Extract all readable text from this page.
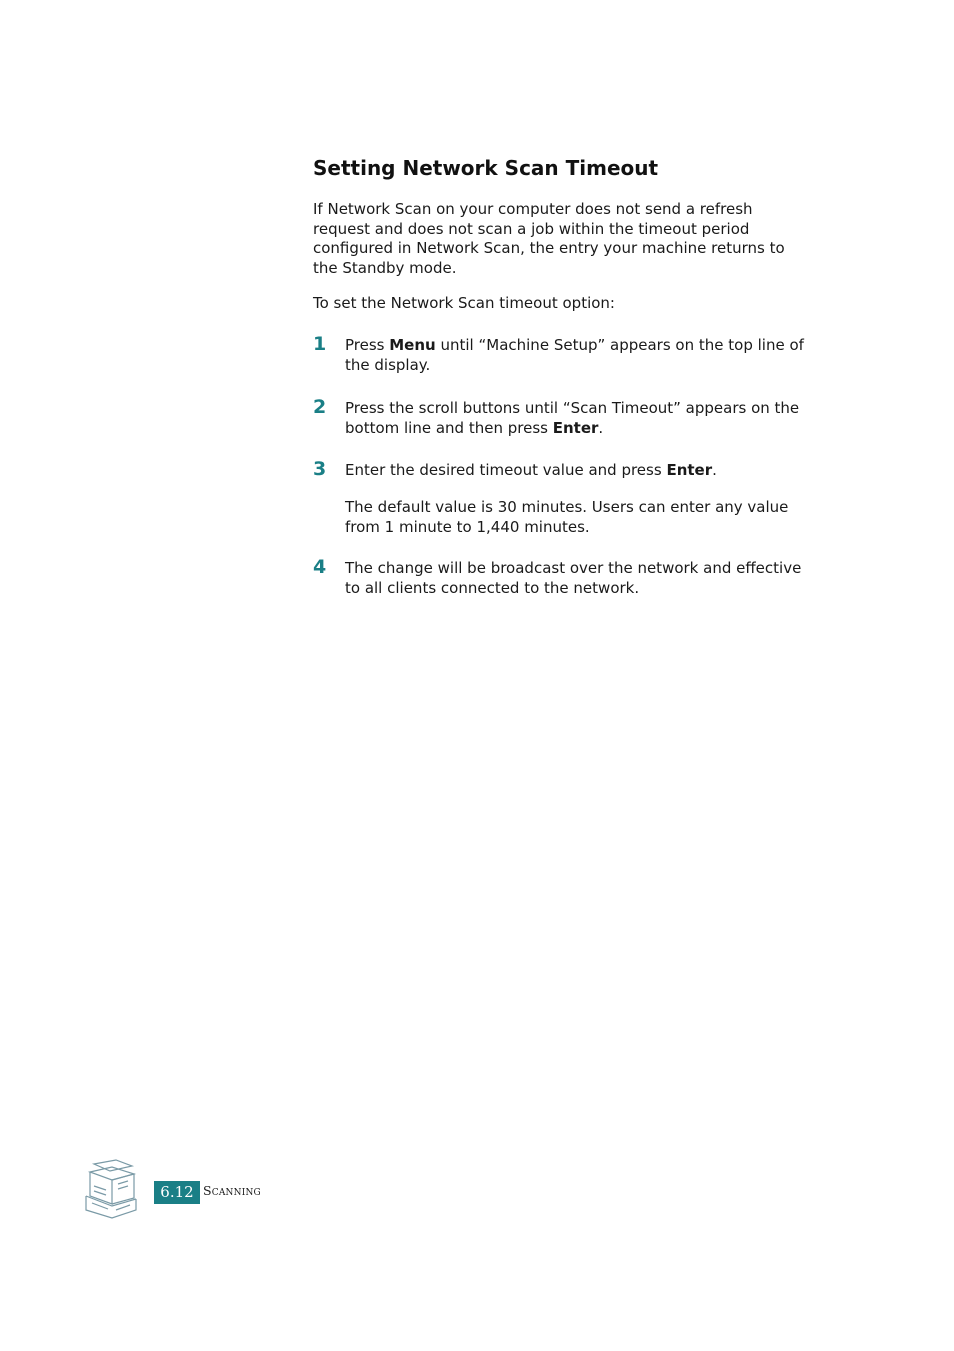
Setting Network Scan Timeout

If Network Scan on your computer does not send a refresh request and does not scan a job within the timeout period configured in Network Scan, the entry your machine returns to the Standby mode.

To set the Network Scan timeout option:

1 Press Menu until “Machine Setup” appears on the top line of the display.

2 Press the scroll buttons until “Scan Timeout” appears on the bottom line and then press Enter.

3 Enter the desired timeout value and press Enter.

The default value is 30 minutes. Users can enter any value from 1 minute to 1,440 minutes.

4 The change will be broadcast over the network and effective to all clients connected to the network.

6.12 Scanning
